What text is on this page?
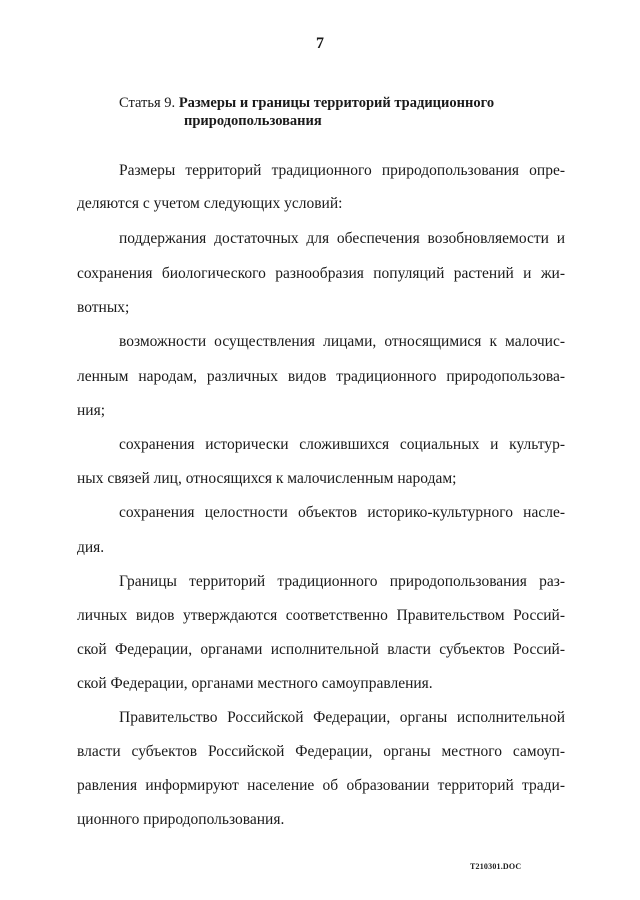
7
Статья 9. Размеры и границы территорий традиционного
природопользования
Размеры территорий традиционного природопользования опре-
деляются с учетом следующих условий:
поддержания достаточных для обеспечения возобновляемости и
сохранения биологического разнообразия популяций растений и жи-
вотных;
возможности осуществления лицами, относящимися к малочис-
ленным народам, различных видов традиционного природопользова-
ния;
сохранения исторически сложившихся социальных и культур-
ных связей лиц, относящихся к малочисленным народам;
сохранения целостности объектов историко-культурного насле-
дия.
Границы территорий традиционного природопользования раз-
личных видов утверждаются соответственно Правительством Россий-
ской Федерации, органами исполнительной власти субъектов Россий-
ской Федерации, органами местного самоуправления.
Правительство Российской Федерации, органы исполнительной
власти субъектов Российской Федерации, органы местного самоуп-
равления информируют население об образовании территорий тради-
ционного природопользования.
T210301.DOC
